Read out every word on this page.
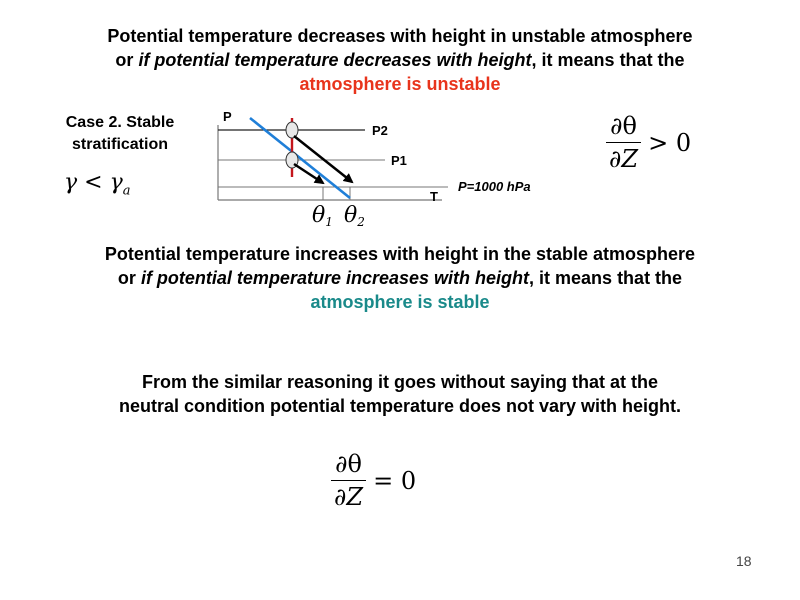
Potential temperature decreases with height in unstable atmosphere
or if potential temperature decreases with height, it means that the
atmosphere is unstable
Case 2. Stable
stratification
$\gamma < \gamma_a$
P
T
P2
P1
P=1000 hPa
θ1 θ2
$\frac{\partial\theta}{\partial Z} > 0$
Potential temperature increases with height in the stable atmosphere
or if potential temperature increases with height, it means that the
atmosphere is stable
From the similar reasoning it goes without saying that at the
neutral condition potential temperature does not vary with height.
$\frac{\partial\theta}{\partial Z} = 0$
18
